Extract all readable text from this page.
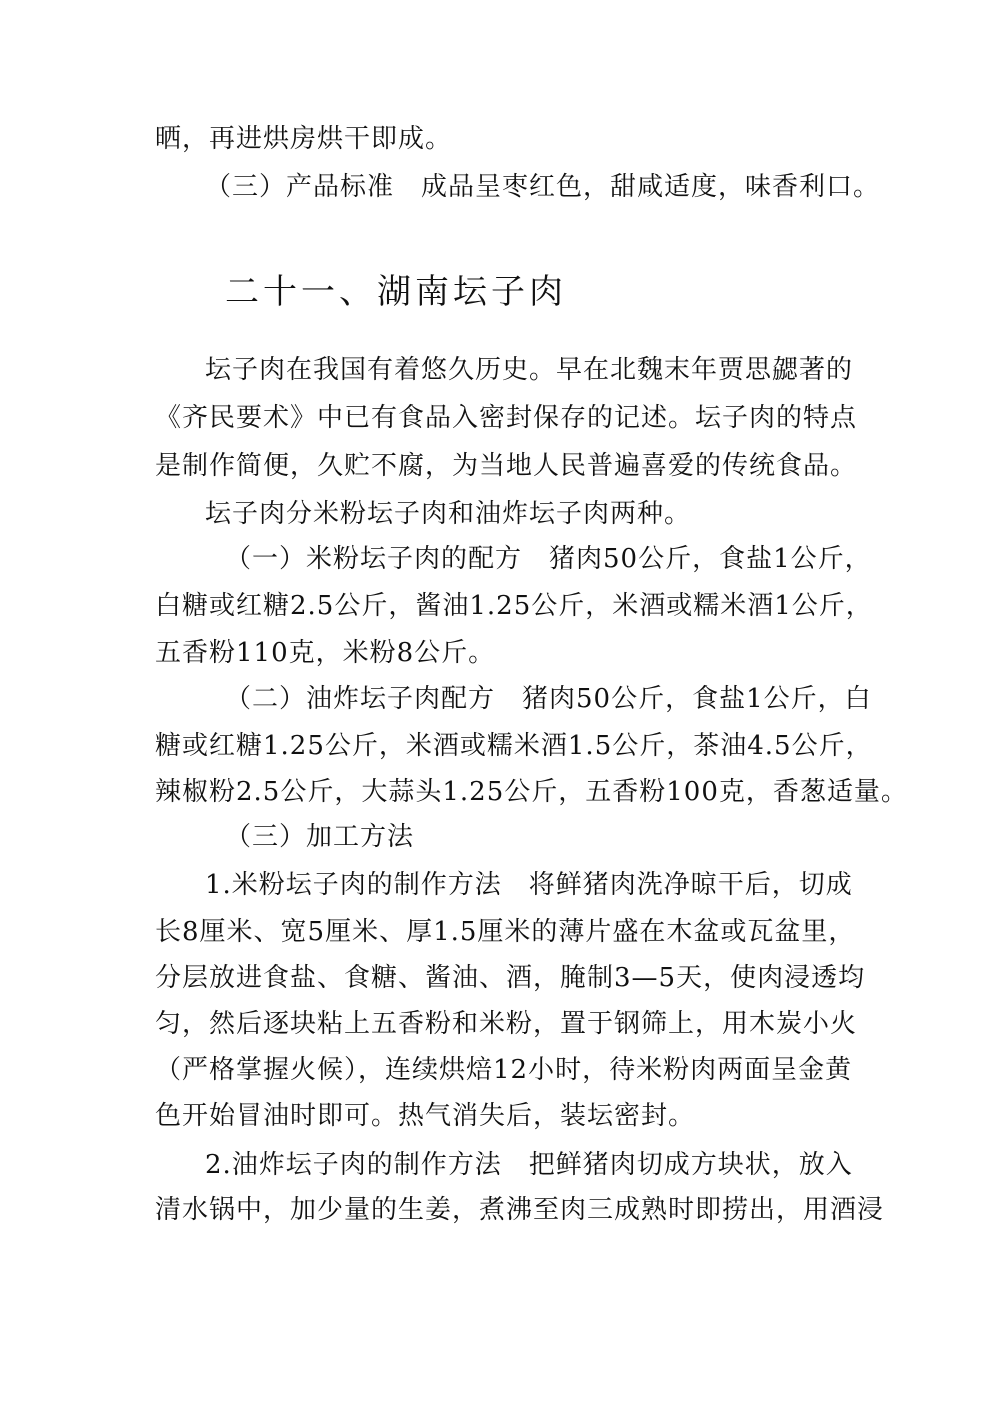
晒，再进烘房烘干即成。
（三）产品标准　成品呈枣红色，甜咸适度，味香利口。
二十一、湖南坛子肉
坛子肉在我国有着悠久历史。早在北魏末年贾思勰著的
《齐民要术》中已有食品入密封保存的记述。坛子肉的特点
是制作简便，久贮不腐，为当地人民普遍喜爱的传统食品。
坛子肉分米粉坛子肉和油炸坛子肉两种。
（一）米粉坛子肉的配方　猪肉50公斤，食盐1公斤，
白糖或红糖2.5公斤，酱油1.25公斤，米酒或糯米酒1公斤，
五香粉110克，米粉8公斤。
（二）油炸坛子肉配方　猪肉50公斤，食盐1公斤，白
糖或红糖1.25公斤，米酒或糯米酒1.5公斤，茶油4.5公斤，
辣椒粉2.5公斤，大蒜头1.25公斤，五香粉100克，香葱适量。
（三）加工方法
1.米粉坛子肉的制作方法　将鲜猪肉洗净晾干后，切成
长8厘米、宽5厘米、厚1.5厘米的薄片盛在木盆或瓦盆里，
分层放进食盐、食糖、酱油、酒，腌制3—5天，使肉浸透均
匀，然后逐块粘上五香粉和米粉，置于钢筛上，用木炭小火
（严格掌握火候），连续烘焙12小时，待米粉肉两面呈金黄
色开始冒油时即可。热气消失后，装坛密封。
2.油炸坛子肉的制作方法　把鲜猪肉切成方块状，放入
清水锅中，加少量的生姜，煮沸至肉三成熟时即捞出，用酒浸
